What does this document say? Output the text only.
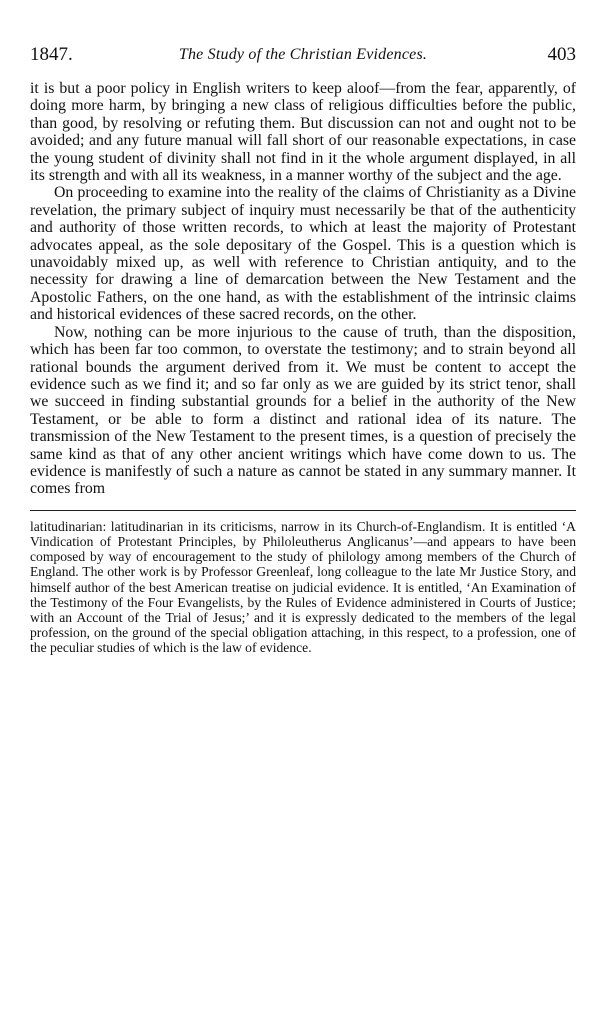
1847.	The Study of the Christian Evidences.	403

it is but a poor policy in English writers to keep aloof—from the fear, apparently, of doing more harm, by bringing a new class of religious difficulties before the public, than good, by resolving or refuting them. But discussion can not and ought not to be avoided; and any future manual will fall short of our reasonable expectations, in case the young student of divinity shall not find in it the whole argument displayed, in all its strength and with all its weakness, in a manner worthy of the subject and the age.

On proceeding to examine into the reality of the claims of Christianity as a Divine revelation, the primary subject of inquiry must necessarily be that of the authenticity and authority of those written records, to which at least the majority of Protestant advocates appeal, as the sole depositary of the Gospel. This is a question which is unavoidably mixed up, as well with reference to Christian antiquity, and to the necessity for drawing a line of demarcation between the New Testament and the Apostolic Fathers, on the one hand, as with the establishment of the intrinsic claims and historical evidences of these sacred records, on the other.

Now, nothing can be more injurious to the cause of truth, than the disposition, which has been far too common, to overstate the testimony; and to strain beyond all rational bounds the argument derived from it. We must be content to accept the evidence such as we find it; and so far only as we are guided by its strict tenor, shall we succeed in finding substantial grounds for a belief in the authority of the New Testament, or be able to form a distinct and rational idea of its nature. The transmission of the New Testament to the present times, is a question of precisely the same kind as that of any other ancient writings which have come down to us. The evidence is manifestly of such a nature as cannot be stated in any summary manner. It comes from

latitudinarian: latitudinarian in its criticisms, narrow in its Church-of-Englandism. It is entitled ‘A Vindication of Protestant Principles, by Philoleutherus Anglicanus’—and appears to have been composed by way of encouragement to the study of philology among members of the Church of England. The other work is by Professor Greenleaf, long colleague to the late Mr Justice Story, and himself author of the best American treatise on judicial evidence. It is entitled, ‘An Examination of the Testimony of the Four Evangelists, by the Rules of Evidence administered in Courts of Justice; with an Account of the Trial of Jesus;’ and it is expressly dedicated to the members of the legal profession, on the ground of the special obligation attaching, in this respect, to a profession, one of the peculiar studies of which is the law of evidence.
